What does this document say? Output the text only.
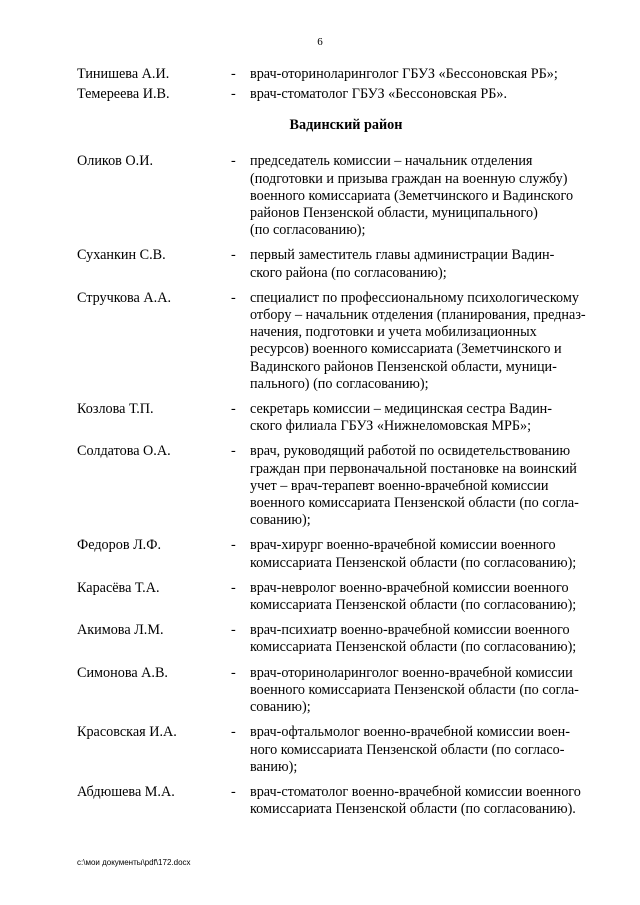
6
Тинишева А.И.	-	врач-оториноларинголог ГБУЗ «Бессоновская РБ»;
Темереева И.В.	-	врач-стоматолог ГБУЗ «Бессоновская РБ».
Вадинский район
Оликов О.И.	-	председатель комиссии – начальник отделения
(подготовки и призыва граждан на военную службу)
военного комиссариата (Земетчинского и Вадинского
районов Пензенской области, муниципального)
(по согласованию);
Суханкин С.В.	-	первый заместитель главы администрации Вадин-
ского района (по согласованию);
Стручкова А.А.	-	специалист по профессиональному психологическому
отбору – начальник отделения (планирования, предназ-
начения, подготовки и учета мобилизационных
ресурсов) военного комиссариата (Земетчинского и
Вадинского районов Пензенской области, муници-
пального) (по согласованию);
Козлова Т.П.	-	секретарь комиссии – медицинская сестра Вадин-
ского филиала ГБУЗ «Нижнеломовская МРБ»;
Солдатова О.А.	-	врач, руководящий работой по освидетельствованию
граждан при первоначальной постановке на воинский
учет – врач-терапевт военно-врачебной комиссии
военного комиссариата Пензенской области (по согла-
сованию);
Федоров Л.Ф.	-	врач-хирург военно-врачебной комиссии военного
комиссариата Пензенской области (по согласованию);
Карасёва Т.А.	-	врач-невролог военно-врачебной комиссии военного
комиссариата Пензенской области (по согласованию);
Акимова Л.М.	-	врач-психиатр военно-врачебной комиссии военного
комиссариата Пензенской области (по согласованию);
Симонова А.В.	-	врач-оториноларинголог военно-врачебной комиссии
военного комиссариата Пензенской области (по согла-
сованию);
Красовская И.А.	-	врач-офтальмолог военно-врачебной комиссии воен-
ного комиссариата Пензенской области (по согласо-
ванию);
Абдюшева М.А.	-	врач-стоматолог военно-врачебной комиссии военного
комиссариата Пензенской области (по согласованию).
с:\мои документы\pdf\172.docx
